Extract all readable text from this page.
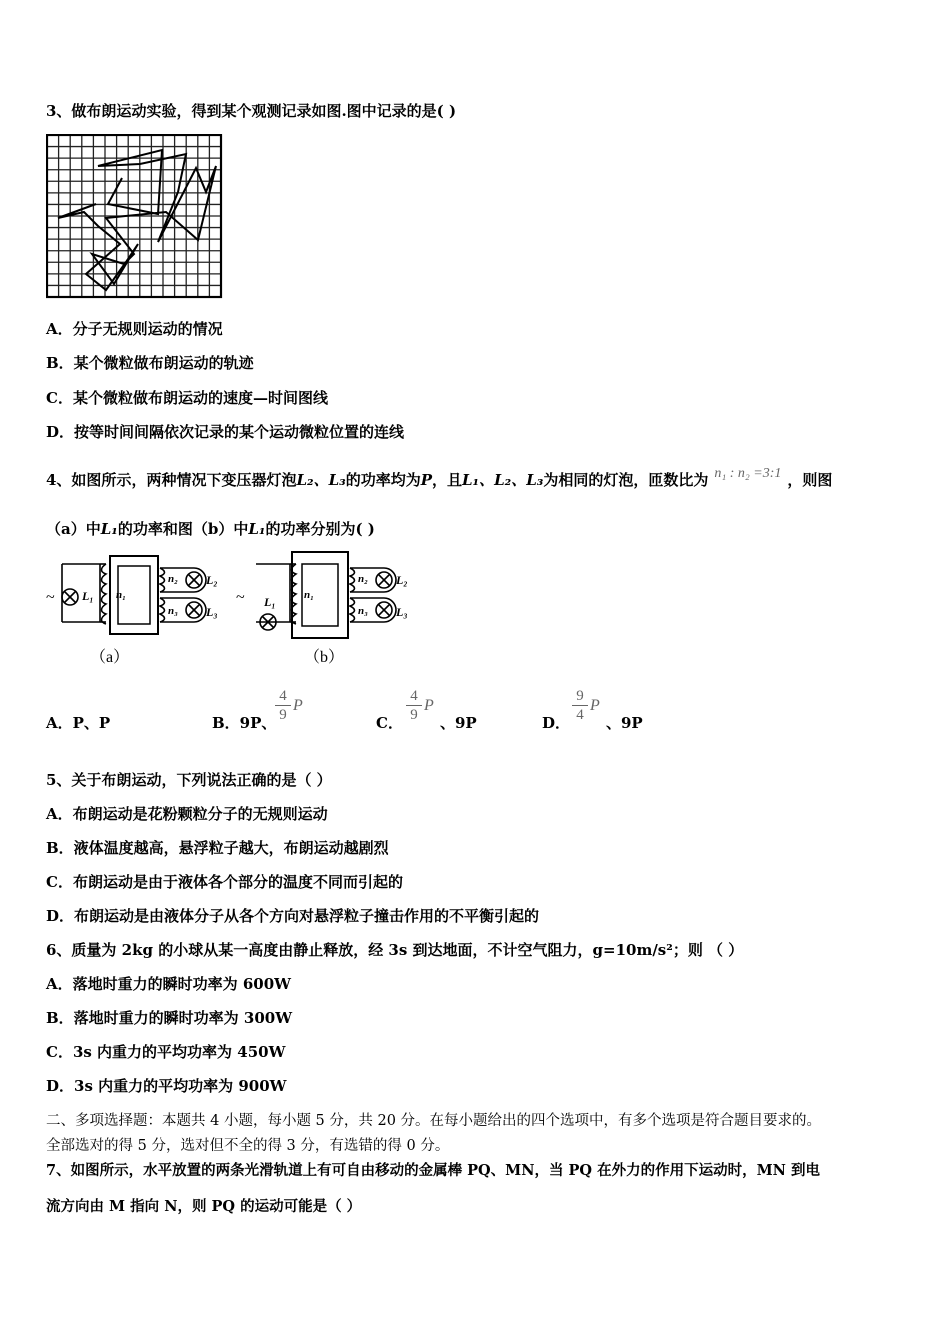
3、做布朗运动实验，得到某个观测记录如图.图中记录的是( )
A．分子无规则运动的情况
B．某个微粒做布朗运动的轨迹
C．某个微粒做布朗运动的速度—时间图线
D．按等时间间隔依次记录的某个运动微粒位置的连线
4、如图所示，两种情况下变压器灯泡L₂、L₃的功率均为P，且L₁、L₂、L₃为相同的灯泡，匝数比为 n₁ : n₂ =3:1 ，则图
（a）中L₁的功率和图（b）中L₁的功率分别为( )
~ L₁ n₁
n₂
n₃
L₂
L₃
（a）
~ L₁	n₁
n₂
n₃
L₂
L₃
（b）
A．P、P	B．9P、
4
9
P
C．
4
9
P
、9P	D．
9
4
P
、9P
5、关于布朗运动，下列说法正确的是（ ）
A．布朗运动是花粉颗粒分子的无规则运动
B．液体温度越高，悬浮粒子越大，布朗运动越剧烈
C．布朗运动是由于液体各个部分的温度不同而引起的
D．布朗运动是由液体分子从各个方向对悬浮粒子撞击作用的不平衡引起的
6、质量为 2kg 的小球从某一高度由静止释放，经 3s 到达地面，不计空气阻力，g=10m/s²；则 （ ）
A．落地时重力的瞬时功率为 600W
B．落地时重力的瞬时功率为 300W
C．3s 内重力的平均功率为 450W
D．3s 内重力的平均功率为 900W
二、多项选择题：本题共 4 小题，每小题 5 分，共 20 分。在每小题给出的四个选项中，有多个选项是符合题目要求的。
全部选对的得 5 分，选对但不全的得 3 分，有选错的得 0 分。
7、如图所示，水平放置的两条光滑轨道上有可自由移动的金属棒 PQ、MN，当 PQ 在外力的作用下运动时，MN 到电
流方向由 M 指向 N，则 PQ 的运动可能是（ ）
